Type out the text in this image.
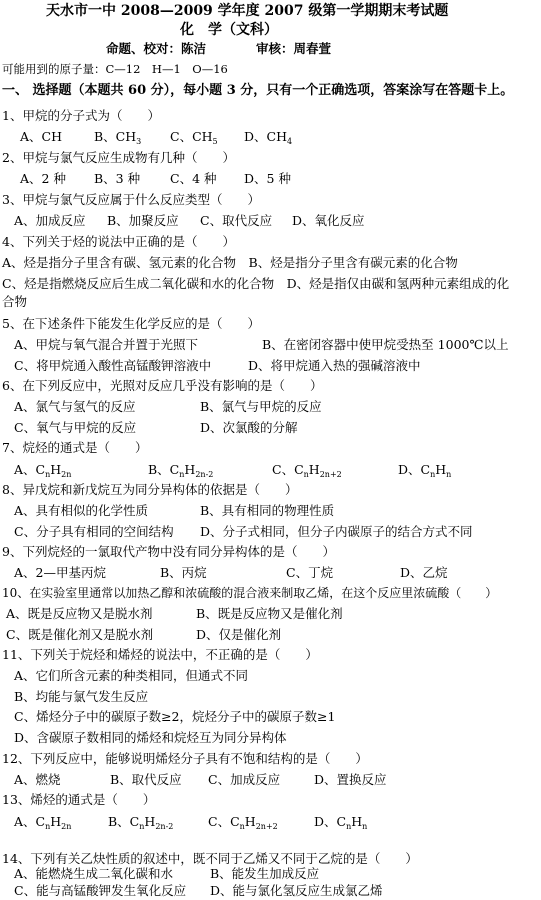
天水市一中 2008—2009 学年度 2007 级第一学期期末考试题
化　学（文科）
命题、校对：陈洁　　　　审核：周春萱
可能用到的原子量：C—12　H—1　O—16
一、 选择题（本题共 60 分），每小题 3 分，只有一个正确选项，答案涂写在答题卡上。
1、甲烷的分子式为（　　）
A、CH	B、$CH_3$ C、$CH_5$ D、$CH_4$
2、甲烷与氯气反应生成物有几种（　　）
A、2 种 B、3 种 C、4 种 D、5 种
3、甲烷与氯气反应属于什么反应类型（　　）
A、加成反应 B、加聚反应 C、取代反应 D、氧化反应
4、下列关于烃的说法中正确的是（　　）
A、烃是指分子里含有碳、氢元素的化合物　B、烃是指分子里含有碳元素的化合物
C、烃是指燃烧反应后生成二氧化碳和水的化合物　D、烃是指仅由碳和氢两种元素组成的化
合物
5、在下述条件下能发生化学反应的是（　　）
A、甲烷与氧气混合并置于光照下	B、在密闭容器中使甲烷受热至 1000℃以上
C、将甲烷通入酸性高锰酸钾溶液中	D、将甲烷通入热的强碱溶液中
6、在下列反应中，光照对反应几乎没有影响的是（　　）
A、氯气与氢气的反应	B、氯气与甲烷的反应
C、氧气与甲烷的反应	D、次氯酸的分解
7、烷烃的通式是（　　）
A、$C_nH_{2n}$	B、$C_nH_{2n-2}$	C、$C_nH_{2n+2}$	D、$C_nH_n$
8、异戊烷和新戊烷互为同分异构体的依据是（　　）
A、具有相似的化学性质	B、具有相同的物理性质
C、分子具有相同的空间结构 D、分子式相同，但分子内碳原子的结合方式不同
9、下列烷烃的一氯取代产物中没有同分异构体的是（　　）
A、2—甲基丙烷	B、丙烷	C、丁烷	D、乙烷
10、在实验室里通常以加热乙醇和浓硫酸的混合液来制取乙烯，在这个反应里浓硫酸（　　）
A、既是反应物又是脱水剂	B、既是反应物又是催化剂
C、既是催化剂又是脱水剂	D、仅是催化剂
11、下列关于烷烃和烯烃的说法中，不正确的是（　　）
A、它们所含元素的种类相同，但通式不同
B、均能与氯气发生反应
C、烯烃分子中的碳原子数≥2，烷烃分子中的碳原子数≥1
D、含碳原子数相同的烯烃和烷烃互为同分异构体
12、下列反应中，能够说明烯烃分子具有不饱和结构的是（　　）
A、燃烧	B、取代反应 C、加成反应	D、置换反应
13、烯烃的通式是（　　）
A、$C_nH_{2n}$	B、$C_nH_{2n-2}$	C、$C_nH_{2n+2}$	D、$C_nH_n$
14、下列有关乙炔性质的叙述中，既不同于乙烯又不同于乙烷的是（　　）
A、能燃烧生成二氧化碳和水	B、能发生加成反应
C、能与高锰酸钾发生氧化反应 D、能与氯化氢反应生成氯乙烯
